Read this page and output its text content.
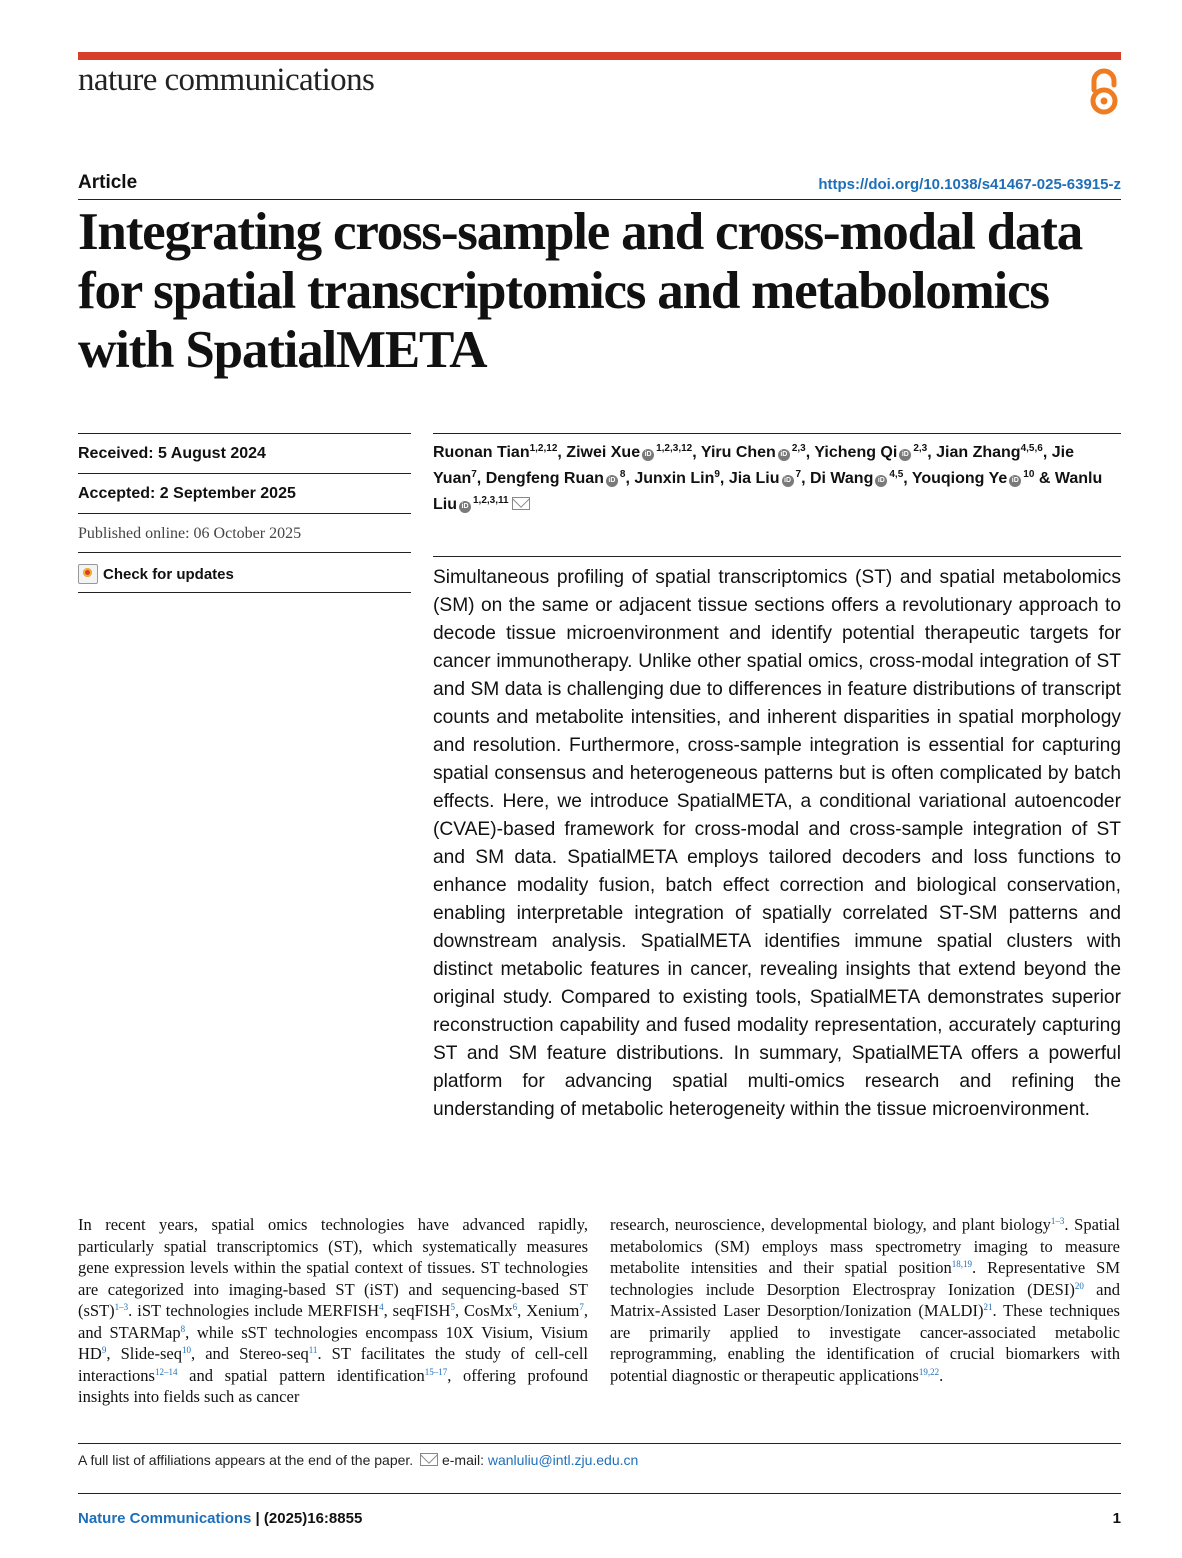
nature communications
Article	https://doi.org/10.1038/s41467-025-63915-z
Integrating cross-sample and cross-modal data for spatial transcriptomics and metabolomics with SpatialMETA
Received: 5 August 2024
Accepted: 2 September 2025
Published online: 06 October 2025
Check for updates
Ruonan Tian$^{1,2,12}$, Ziwei Xue iD$^{1,2,3,12}$, Yiru Chen iD$^{2,3}$, Yicheng Qi iD$^{2,3}$, Jian Zhang$^{4,5,6}$, Jie Yuan$^7$, Dengfeng Ruan $iD^8$, Junxin Lin$^9$, Jia Liu $iD^7$, Di Wang iD$^{4,5}$, Youqiong Ye $iD^{10}$ & Wanlu Liu iD$^{1,2,3,11}$

Simultaneous profiling of spatial transcriptomics (ST) and spatial metabolomics (SM) on the same or adjacent tissue sections offers a revolutionary approach to decode tissue microenvironment and identify potential therapeutic targets for cancer immunotherapy. Unlike other spatial omics, cross-modal integration of ST and SM data is challenging due to differences in feature distributions of transcript counts and metabolite intensities, and inherent disparities in spatial morphology and resolution. Furthermore, cross-sample integration is essential for capturing spatial consensus and heterogeneous patterns but is often complicated by batch effects. Here, we introduce SpatialMETA, a conditional variational autoencoder (CVAE)-based framework for cross-modal and cross-sample integration of ST and SM data. SpatialMETA employs tailored decoders and loss functions to enhance modality fusion, batch effect correction and biological conservation, enabling interpretable integration of spatially correlated ST-SM patterns and downstream analysis. SpatialMETA identifies immune spatial clusters with distinct metabolic features in cancer, revealing insights that extend beyond the original study. Compared to existing tools, SpatialMETA demonstrates superior reconstruction capability and fused modality representation, accurately capturing ST and SM feature distributions. In summary, SpatialMETA offers a powerful platform for advancing spatial multi-omics research and refining the understanding of metabolic heterogeneity within the tissue microenvironment.

In recent years, spatial omics technologies have advanced rapidly, particularly spatial transcriptomics (ST), which systematically measures gene expression levels within the spatial context of tissues. ST technologies are categorized into imaging-based ST (iST) and sequencing-based ST (sST)$^{1-3}$. iST technologies include MERFISH$^4$, seqFISH$^5$, CosMx$^6$, Xenium$^7$, and STARMap$^8$, while sST technologies encompass 10X Visium, Visium $HD^9$, Slide-seq$^{10}$, and Stereo-seq$^{11}$. ST facilitates the study of cell-cell interactions$^{12-14}$ and spatial pattern identification$^{15-17}$, offering profound insights into fields such as cancer

research, neuroscience, developmental biology, and plant biology$^{1-3}$. Spatial metabolomics (SM) employs mass spectrometry imaging to measure metabolite intensities and their spatial position$^{18,19}$. Representative SM technologies include Desorption Electrospray Ionization (DESI)$^{20}$ and Matrix-Assisted Laser Desorption/Ionization (MALDI)$^{21}$. These techniques are primarily applied to investigate cancer-associated metabolic reprogramming, enabling the identification of crucial biomarkers with potential diagnostic or therapeutic applications$^{19,22}$.

A full list of affiliations appears at the end of the paper. e-mail: wanluliu@intl.zju.edu.cn
Nature Communications | (2025)16:8855	1
